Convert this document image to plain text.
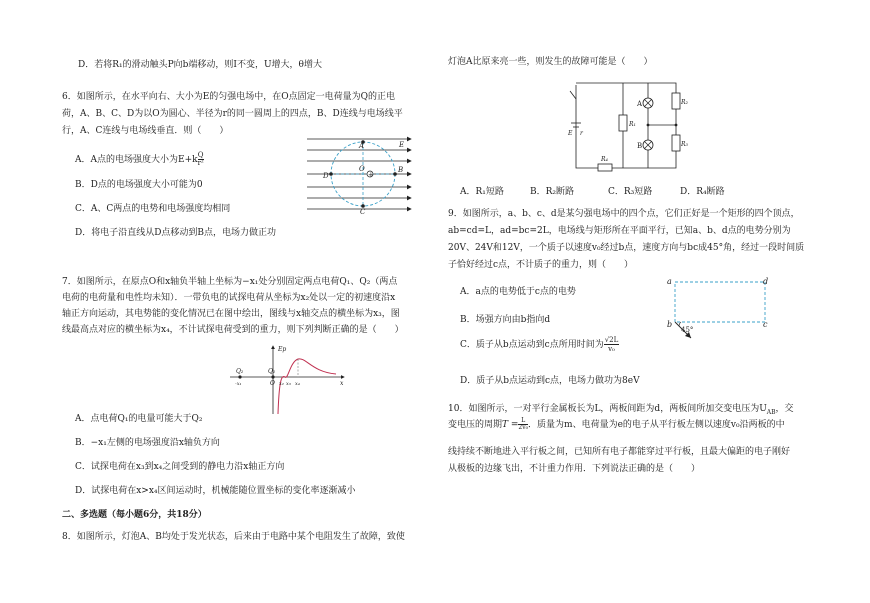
D．若将R₁的滑动触头P向b端移动，则I不变，U增大，θ增大
6．如图所示，在水平向右、大小为E的匀强电场中，在O点固定一电荷量为Q的正电
荷，A、B、C、D为以O为圆心、半径为r的同一圆周上的四点，B、D连线与电场线平
行，A、C连线与电场线垂直．则（　　）
A．A点的电场强度大小为$E+k \frac{Q}{\text{r²}}$
B．D点的电场强度大小可能为0
C．A、C两点的电势和电场强度均相同
D．将电子沿直线从D点移动到B点，电场力做正功
+
A
C
D
B
O
E
7．如图所示，在原点O和x轴负半轴上坐标为−x₁处分别固定两点电荷Q₁、Q₂（两点
电荷的电荷量和电性均未知）．一带负电的试探电荷从坐标为x₂处以一定的初速度沿x
轴正方向运动，其电势能的变化情况已在图中绘出，图线与x轴交点的横坐标为x₃，图
线最高点对应的横坐标为x₄，不计试探电荷受到的重力，则下列判断正确的是（　　）
Ep
Q₂	Q₁
x
O
-x₁	x₂ x₃ x₄
A．点电荷Q₁的电量可能大于Q₂
B．−x₁左侧的电场强度沿x轴负方向
C．试探电荷在x₃到x₄之间受到的静电力沿x轴正方向
D．试探电荷在x>x₄区间运动时，机械能随位置坐标的变化率逐渐减小
二、多选题（每小题6分，共18分）
8．如图所示，灯泡A、B均处于发光状态，后来由于电路中某个电阻发生了故障，致使
灯泡A比原来亮一些，则发生的故障可能是（　　）
A
B
R₁
R₂
R₃
R₄
E r
A．R₁短路	B．R₂断路	C．R₃短路	D．R₄断路
9．如图所示，a、b、c、d是某匀强电场中的四个点，它们正好是一个矩形的四个顶点，
ab=cd=L，ad=bc=2L，电场线与矩形所在平面平行，已知a、b、d点的电势分别为
20V、24V和12V，一个质子以速度v₀经过b点，速度方向与bc成45°角，经过一段时间质
子恰好经过c点，不计质子的重力，则（　　）
A．a点的电势低于c点的电势
B．场强方向由b指向d
C．质子从b点运动到c点所用时间为 $\frac{√2L}{\text{v₀}}$
D．质子从b点运动到c点，电场力做功为8eV
a
b	c
d
45°
10．如图所示，一对平行金属板长为L，两板间距为d，两板间所加交变电压为$U_{AB}$，交
变电压的周期$T = \frac{L}{\text{2v₀}}$ ．质量为m、电荷量为e的电子从平行板左侧以速度v₀沿两板的中
线持续不断地进入平行板之间，已知所有电子都能穿过平行板，且最大偏距的电子刚好
从极板的边缘飞出，不计重力作用．下列说法正确的是（　　）
